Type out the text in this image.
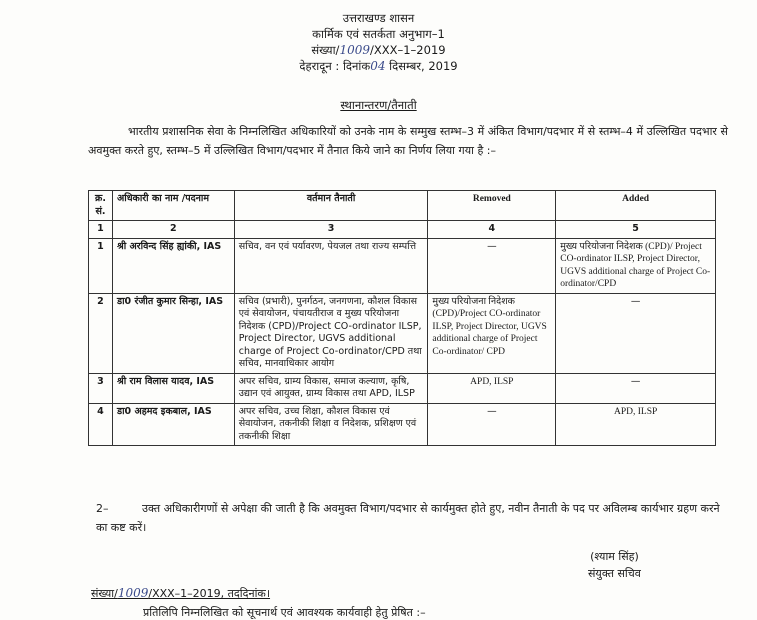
उत्तराखण्ड शासन
कार्मिक एवं सतर्कता अनुभाग–1
संख्या/1009/XXX–1–2019
देहरादून : दिनांक04 दिसम्बर, 2019
स्थानान्तरण/तैनाती
भारतीय प्रशासनिक सेवा के निम्नलिखित अधिकारियों को उनके नाम के सम्मुख स्तम्भ–3 में अंकित विभाग/पदभार में से स्तम्भ–4 में उल्लिखित पदभार से अवमुक्त करते हुए, स्तम्भ–5 में उल्लिखित विभाग/पदभार में तैनात किये जाने का निर्णय लिया गया है :–
क्र. सं.	अधिकारी का नाम /पदनाम	वर्तमान तैनाती	Removed	Added
1	2	3	4	5
1	श्री अरविन्द सिंह ह्यांकी, IAS	सचिव, वन एवं पर्यावरण, पेयजल तथा राज्य सम्पत्ति	—	मुख्य परियोजना निदेशक (CPD)/ Project CO-ordinator ILSP, Project Director, UGVS additional charge of Project Co-ordinator/CPD
2	डा0 रंजीत कुमार सिन्हा, IAS	सचिव (प्रभारी), पुनर्गठन, जनगणना, कौशल विकास एवं सेवायोजन, पंचायतीराज व मुख्य परियोजना निदेशक (CPD)/Project CO-ordinator ILSP, Project Director, UGVS additional charge of Project Co-ordinator/CPD तथा सचिव, मानवाधिकार आयोग	मुख्य परियोजना निदेशक (CPD)/Project CO-ordinator ILSP, Project Director, UGVS additional charge of Project Co-ordinator/ CPD	—
3	श्री राम विलास यादव, IAS	अपर सचिव, ग्राम्य विकास, समाज कल्याण, कृषि, उद्यान एवं आयुक्त, ग्राम्य विकास तथा APD, ILSP	APD, ILSP	—
4	डा0 अहमद इकबाल, IAS	अपर सचिव, उच्च शिक्षा, कौशल विकास एवं सेवायोजन, तकनीकी शिक्षा व निदेशक, प्रशिक्षण एवं तकनीकी शिक्षा	—	APD, ILSP
2–	उक्त अधिकारीगणों से अपेक्षा की जाती है कि अवमुक्त विभाग/पदभार से कार्यमुक्त होते हुए, नवीन तैनाती के पद पर अविलम्ब कार्यभार ग्रहण करने का कष्ट करें।
(श्याम सिंह)
संयुक्त सचिव
संख्या/1009/XXX–1–2019, तददिनांक।
प्रतिलिपि निम्नलिखित को सूचनार्थ एवं आवश्यक कार्यवाही हेतु प्रेषित :–
